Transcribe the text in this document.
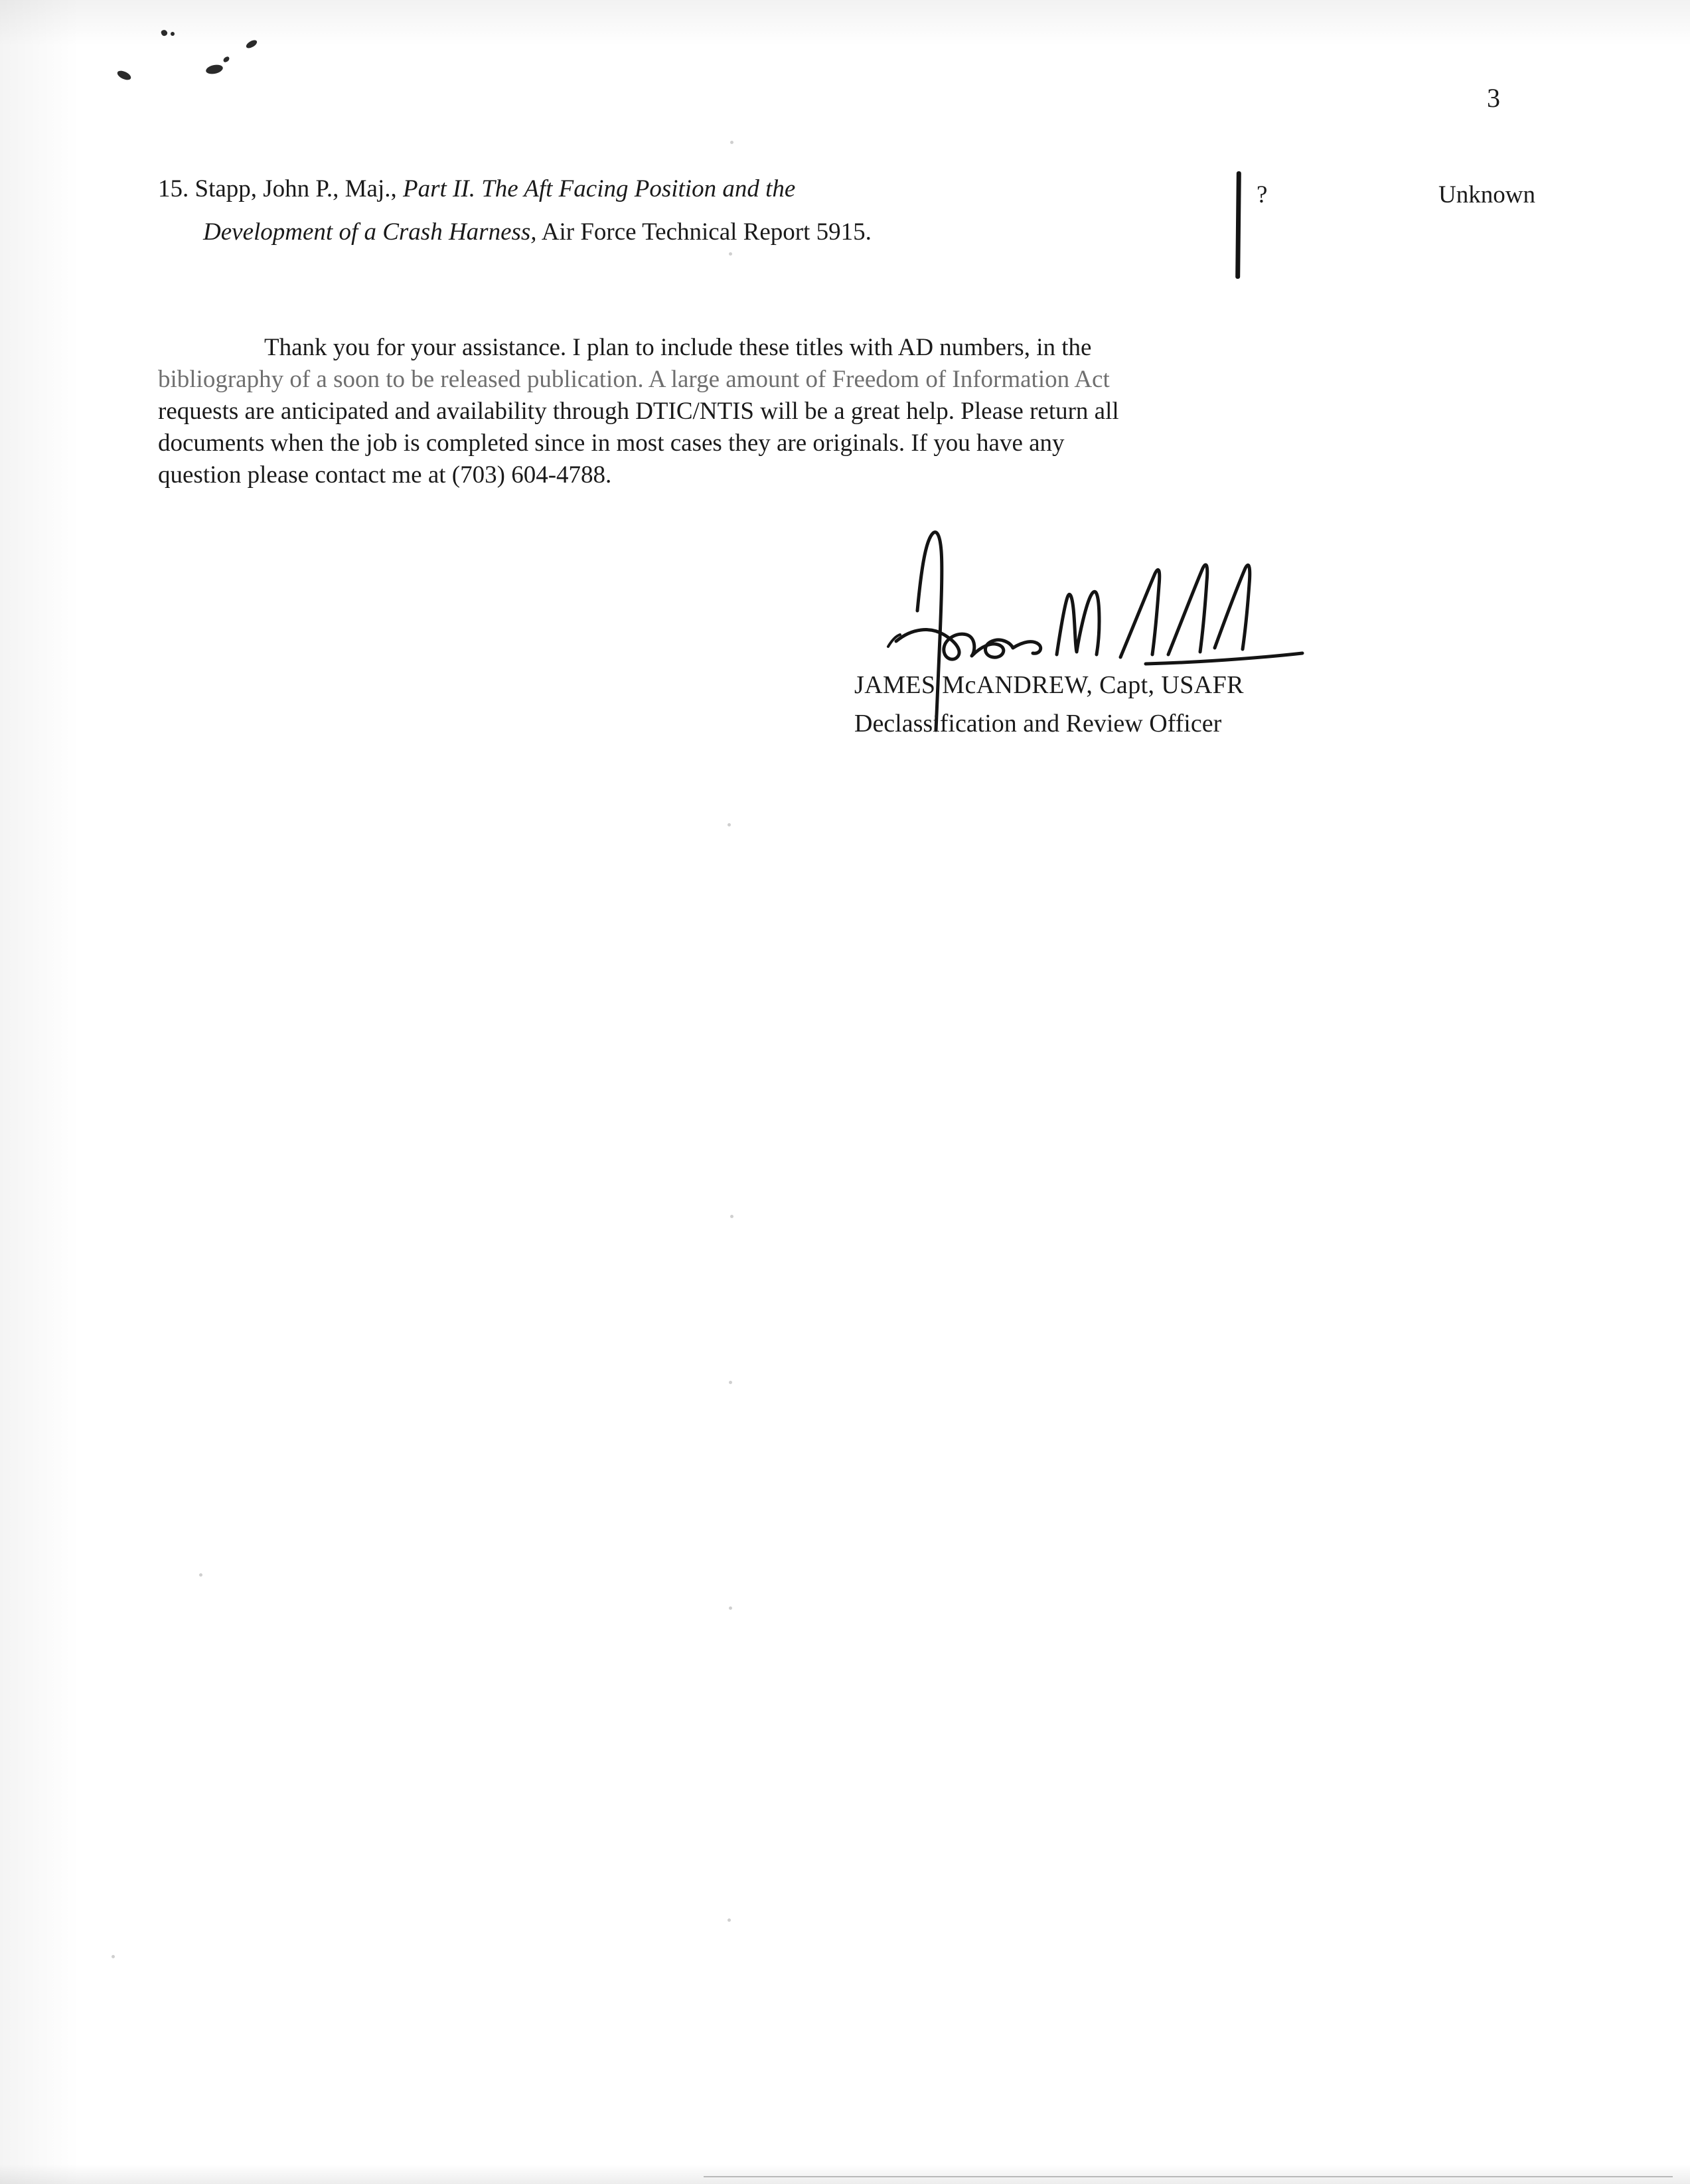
3
15. Stapp, John P., Maj., Part II. The Aft Facing Position and the
Development of a Crash Harness, Air Force Technical Report 5915.
?	Unknown
Thank you for your assistance. I plan to include these titles with AD numbers, in the
bibliography of a soon to be released publication. A large amount of Freedom of Information Act
requests are anticipated and availability through DTIC/NTIS will be a great help. Please return all
documents when the job is completed since in most cases they are originals. If you have any
question please contact me at (703) 604-4788.
JAMES McANDREW, Capt, USAFR
Declassification and Review Officer
